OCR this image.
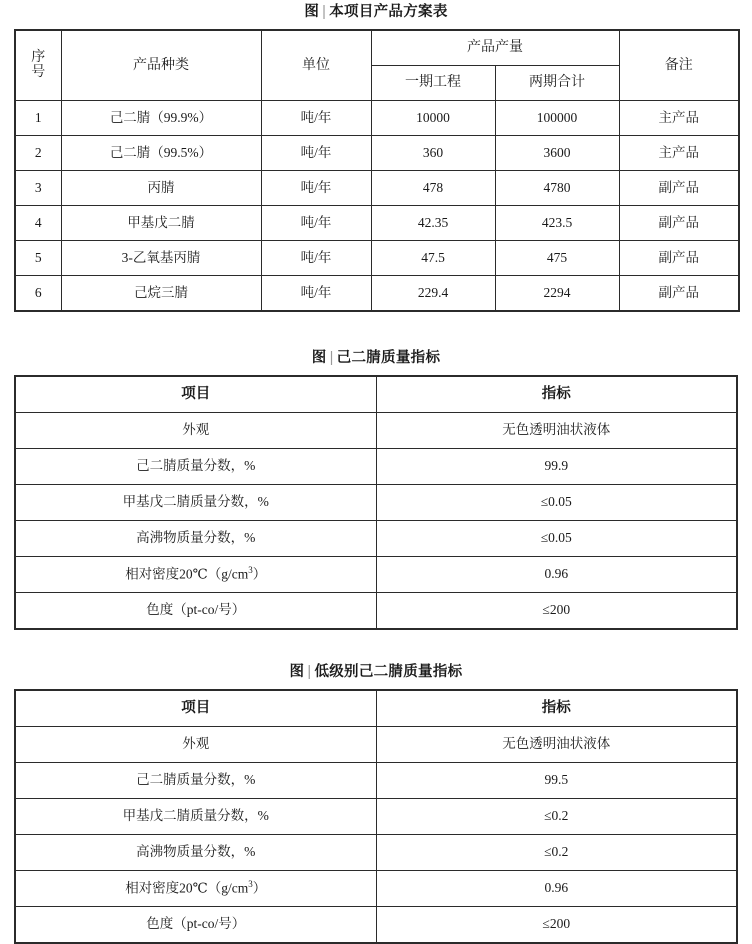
图 | 本项目产品方案表
序
号	产品种类	单位	产品产量		备注
			一期工程	两期合计	
1	己二腈（99.9%）	吨/年	10000	100000	主产品
2	己二腈（99.5%）	吨/年	360	3600	主产品
3	丙腈	吨/年	478	4780	副产品
4	甲基戊二腈	吨/年	42.35	423.5	副产品
5	3-乙氧基丙腈	吨/年	47.5	475	副产品
6	己烷三腈	吨/年	229.4	2294	副产品
图 | 己二腈质量指标
项目	指标
外观	无色透明油状液体
己二腈质量分数，%	99.9
甲基戊二腈质量分数，%	≤0.05
高沸物质量分数，%	≤0.05
相对密度$20℃(g/cm^3)$	0.96
色度（pt-co/号）	≤200
图 | 低级别己二腈质量指标
项目	指标
外观	无色透明油状液体
己二腈质量分数，%	99.5
甲基戊二腈质量分数，%	≤0.2
高沸物质量分数，%	≤0.2
相对密度$20℃(g/cm^3)$	0.96
色度（pt-co/号）	≤200
